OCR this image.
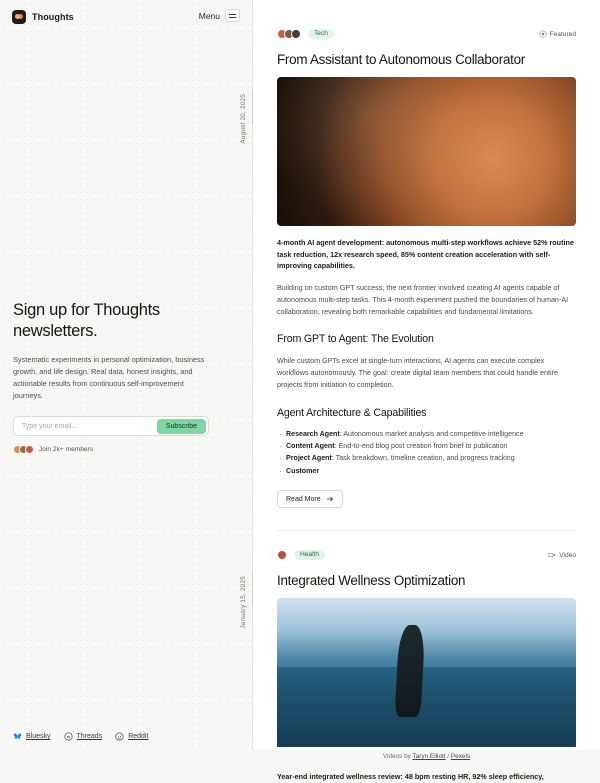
Thoughts	Menu
Sign up for Thoughts newsletters.

Systematic experiments in personal optimization, business growth, and life design. Real data, honest insights, and actionable results from continuous self-improvement journeys.

Type your email...
Subscribe
Join 2k+ members
Bluesky	Threads	Reddit
August 20, 2025
January 15, 2025
Tech	Featured
From Assistant to Autonomous Collaborator

4-month AI agent development: autonomous multi-step workflows achieve 52% routine task reduction, 12x research speed, 85% content creation acceleration with self-improving capabilities.

Building on custom GPT success, the next frontier involved creating AI agents capable of autonomous multi-step tasks. This 4-month experiment pushed the boundaries of human-AI collaboration, revealing both remarkable capabilities and fundamental limitations.

From GPT to Agent: The Evolution

While custom GPTs excel at single-turn interactions, AI agents can execute complex workflows autonomously. The goal: create digital team members that could handle entire projects from initiation to completion.

Agent Architecture & Capabilities
· Research Agent: Autonomous market analysis and competitive intelligence
· Content Agent: End-to-end blog post creation from brief to publication
· Project Agent: Task breakdown, timeline creation, and progress tracking
· Customer
Read More
Health	Video
Integrated Wellness Optimization
Videos by Taryn Elliott / Pexels

Year-end integrated wellness review: 48 bpm resting HR, 92% sleep efficiency,
